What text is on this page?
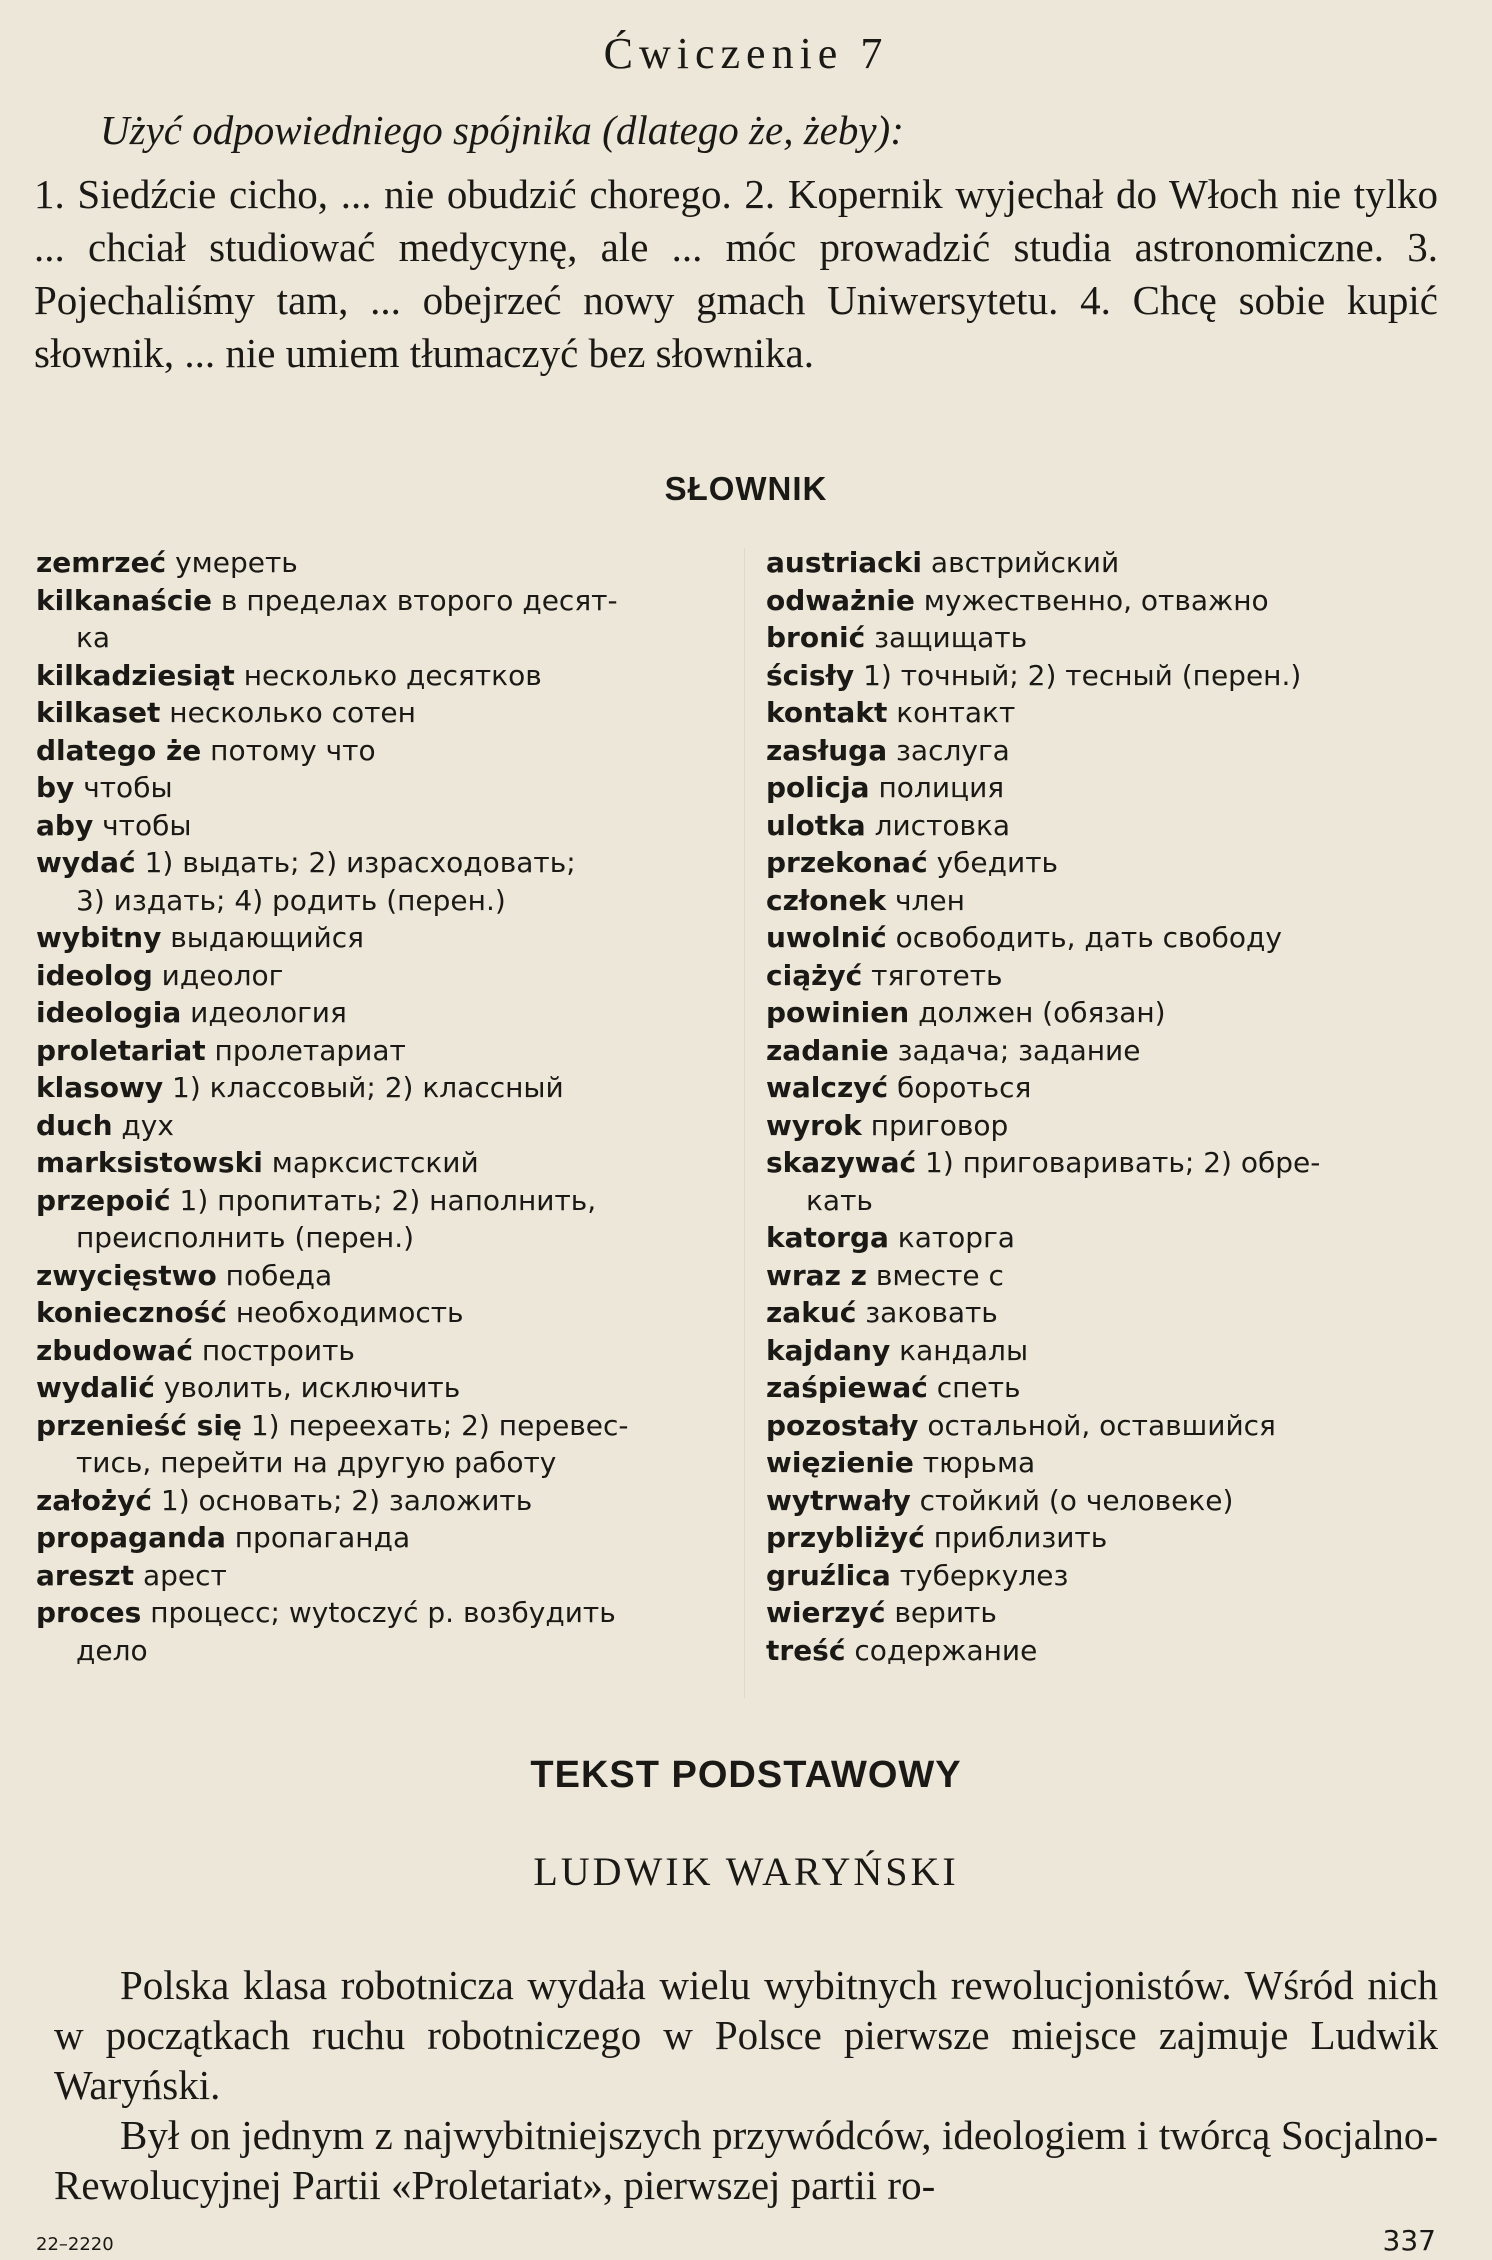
Ćwiczenie 7
Użyć odpowiedniego spójnika (dlatego że, żeby):
1. Siedźcie cicho, ... nie obudzić chorego. 2. Kopernik wyjechał do Włoch nie tylko ... chciał studiować medycynę, ale ... móc prowadzić studia astronomiczne. 3. Pojechaliśmy tam, ... obejrzeć nowy gmach Uniwersytetu. 4. Chcę sobie kupić słownik, ... nie umiem tłumaczyć bez słownika.
SŁOWNIK
zemrzeć умереть
kilkanaście в пределах второго десят-
ка
kilkadziesiąt несколько десятков
kilkaset несколько сотен
dlatego że потому что
by чтобы
aby чтобы
wydać 1) выдать; 2) израсходовать;
3) издать; 4) родить (перен.)
wybitny выдающийся
ideolog идеолог
ideologia идеология
proletariat пролетариат
klasowy 1) классовый; 2) классный
duch дух
marksistowski марксистский
przepoić 1) пропитать; 2) наполнить,
преисполнить (перен.)
zwycięstwo победа
konieczność необходимость
zbudować построить
wydalić уволить, исключить
przenieść się 1) переехать; 2) перевес-
тись, перейти на другую работу
założyć 1) основать; 2) заложить
propaganda пропаганда
areszt арест
proces процесс; wytoczyć p. возбудить
дело
austriacki австрийский
odważnie мужественно, отважно
bronić защищать
ścisły 1) точный; 2) тесный (перен.)
kontakt контакт
zasługa заслуга
policja полиция
ulotka листовка
przekonać убедить
członek член
uwolnić освободить, дать свободу
ciążyć тяготеть
powinien должен (обязан)
zadanie задача; задание
walczyć бороться
wyrok приговор
skazywać 1) приговаривать; 2) обре-
кать
katorga каторга
wraz z вместе с
zakuć заковать
kajdany кандалы
zaśpiewać спеть
pozostały остальной, оставшийся
więzienie тюрьма
wytrwały стойкий (о человеке)
przybliżyć приблизить
gruźlica туберкулез
wierzyć верить
treść содержание
TEKST PODSTAWOWY
LUDWIK WARYŃSKI

Polska klasa robotnicza wydała wielu wybitnych rewolucjonistów. Wśród nich w początkach ruchu robotniczego w Polsce pierwsze miejsce zajmuje Ludwik Waryński.

Był on jednym z najwybitniejszych przywódców, ideologiem i twórcą Socjalno-Rewolucyjnej Partii «Proletariat», pierwszej partii ro-

22–2220	337
